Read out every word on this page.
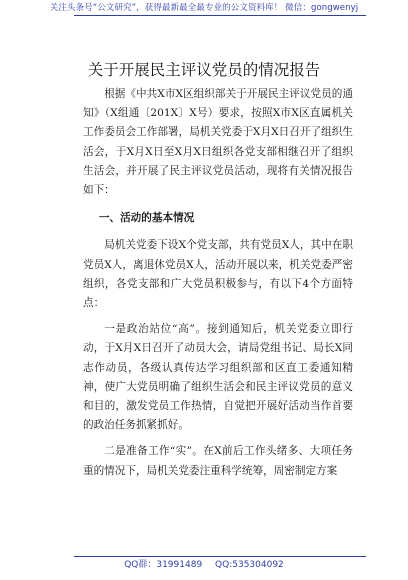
关注头条号“公文研究”，获得最新最全最专业的公文资料库！ 微信：gongwenyj
关于开展民主评议党员的情况报告

根据《中共X市X区组织部关于开展民主评议党员的通知》（X组通〔201X〕X号）要求，按照X市X区直属机关工作委员会工作部署，局机关党委于X月X日召开了组织生活会，于X月X日至X月X日组织各党支部相继召开了组织生活会，并开展了民主评议党员活动，现将有关情况报告如下：

一、活动的基本情况

局机关党委下设X个党支部，共有党员X人，其中在职党员X人，离退休党员X人，活动开展以来，机关党委严密组织，各党支部和广大党员积极参与，有以下4个方面特点：

一是政治站位“高”。接到通知后，机关党委立即行动，于X月X日召开了动员大会，请局党组书记、局长X同志作动员，各级认真传达学习组织部和区直工委通知精神，使广大党员明确了组织生活会和民主评议党员的意义和目的，激发党员工作热情，自觉把开展好活动当作首要的政治任务抓紧抓好。

二是准备工作“实”。在X前后工作头绪多、大项任务重的情况下，局机关党委注重科学统筹，周密制定方案

QQ群：31991489 QQ:535304092
